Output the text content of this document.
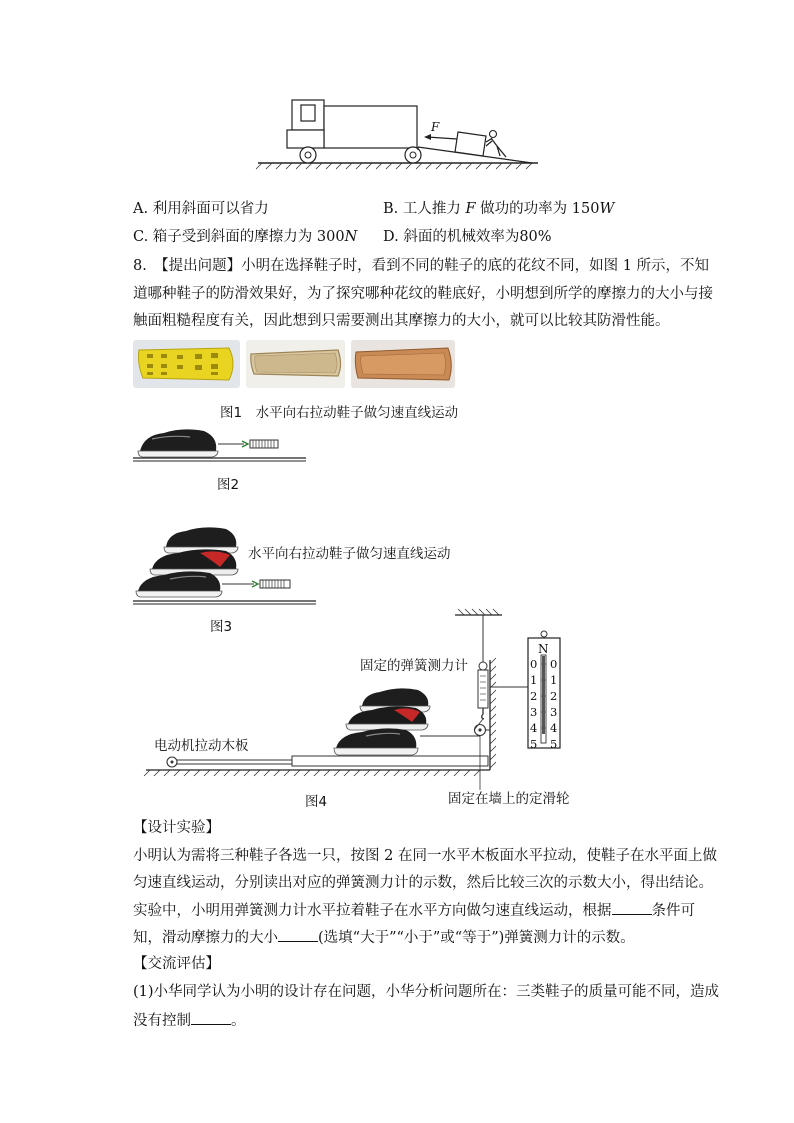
F
A. 利用斜面可以省力	B. 工人推力 F 做功的功率为 150W
C. 箱子受到斜面的摩擦力为 300N D. 斜面的机械效率为80%
8.　【提出问题】小明在选择鞋子时，看到不同的鞋子的底的花纹不同，如图 1 所示，不知
道哪种鞋子的防滑效果好，为了探究哪种花纹的鞋底好，小明想到所学的摩擦力的大小与接
触面粗糙程度有关，因此想到只需要测出其摩擦力的大小，就可以比较其防滑性能。
图1　水平向右拉动鞋子做匀速直线运动
图2
水平向右拉动鞋子做匀速直线运动
图3
固定的弹簧测力计
电动机拉动木板
固定在墙上的定滑轮
图4
N
0
1
2
3
4
5
0
1
2
3
4
5
【设计实验】
小明认为需将三种鞋子各选一只，按图 2 在同一水平木板面水平拉动，使鞋子在水平面上做
匀速直线运动，分别读出对应的弹簧测力计的示数，然后比较三次的示数大小，得出结论。
实验中，小明用弹簧测力计水平拉着鞋子在水平方向做匀速直线运动，根据	条件可
知，滑动摩擦力的大小	(选填“大于”“小于”或“等于”)弹簧测力计的示数。
【交流评估】
(1)小华同学认为小明的设计存在问题，小华分析问题所在：三类鞋子的质量可能不同，造成
没有控制	。
